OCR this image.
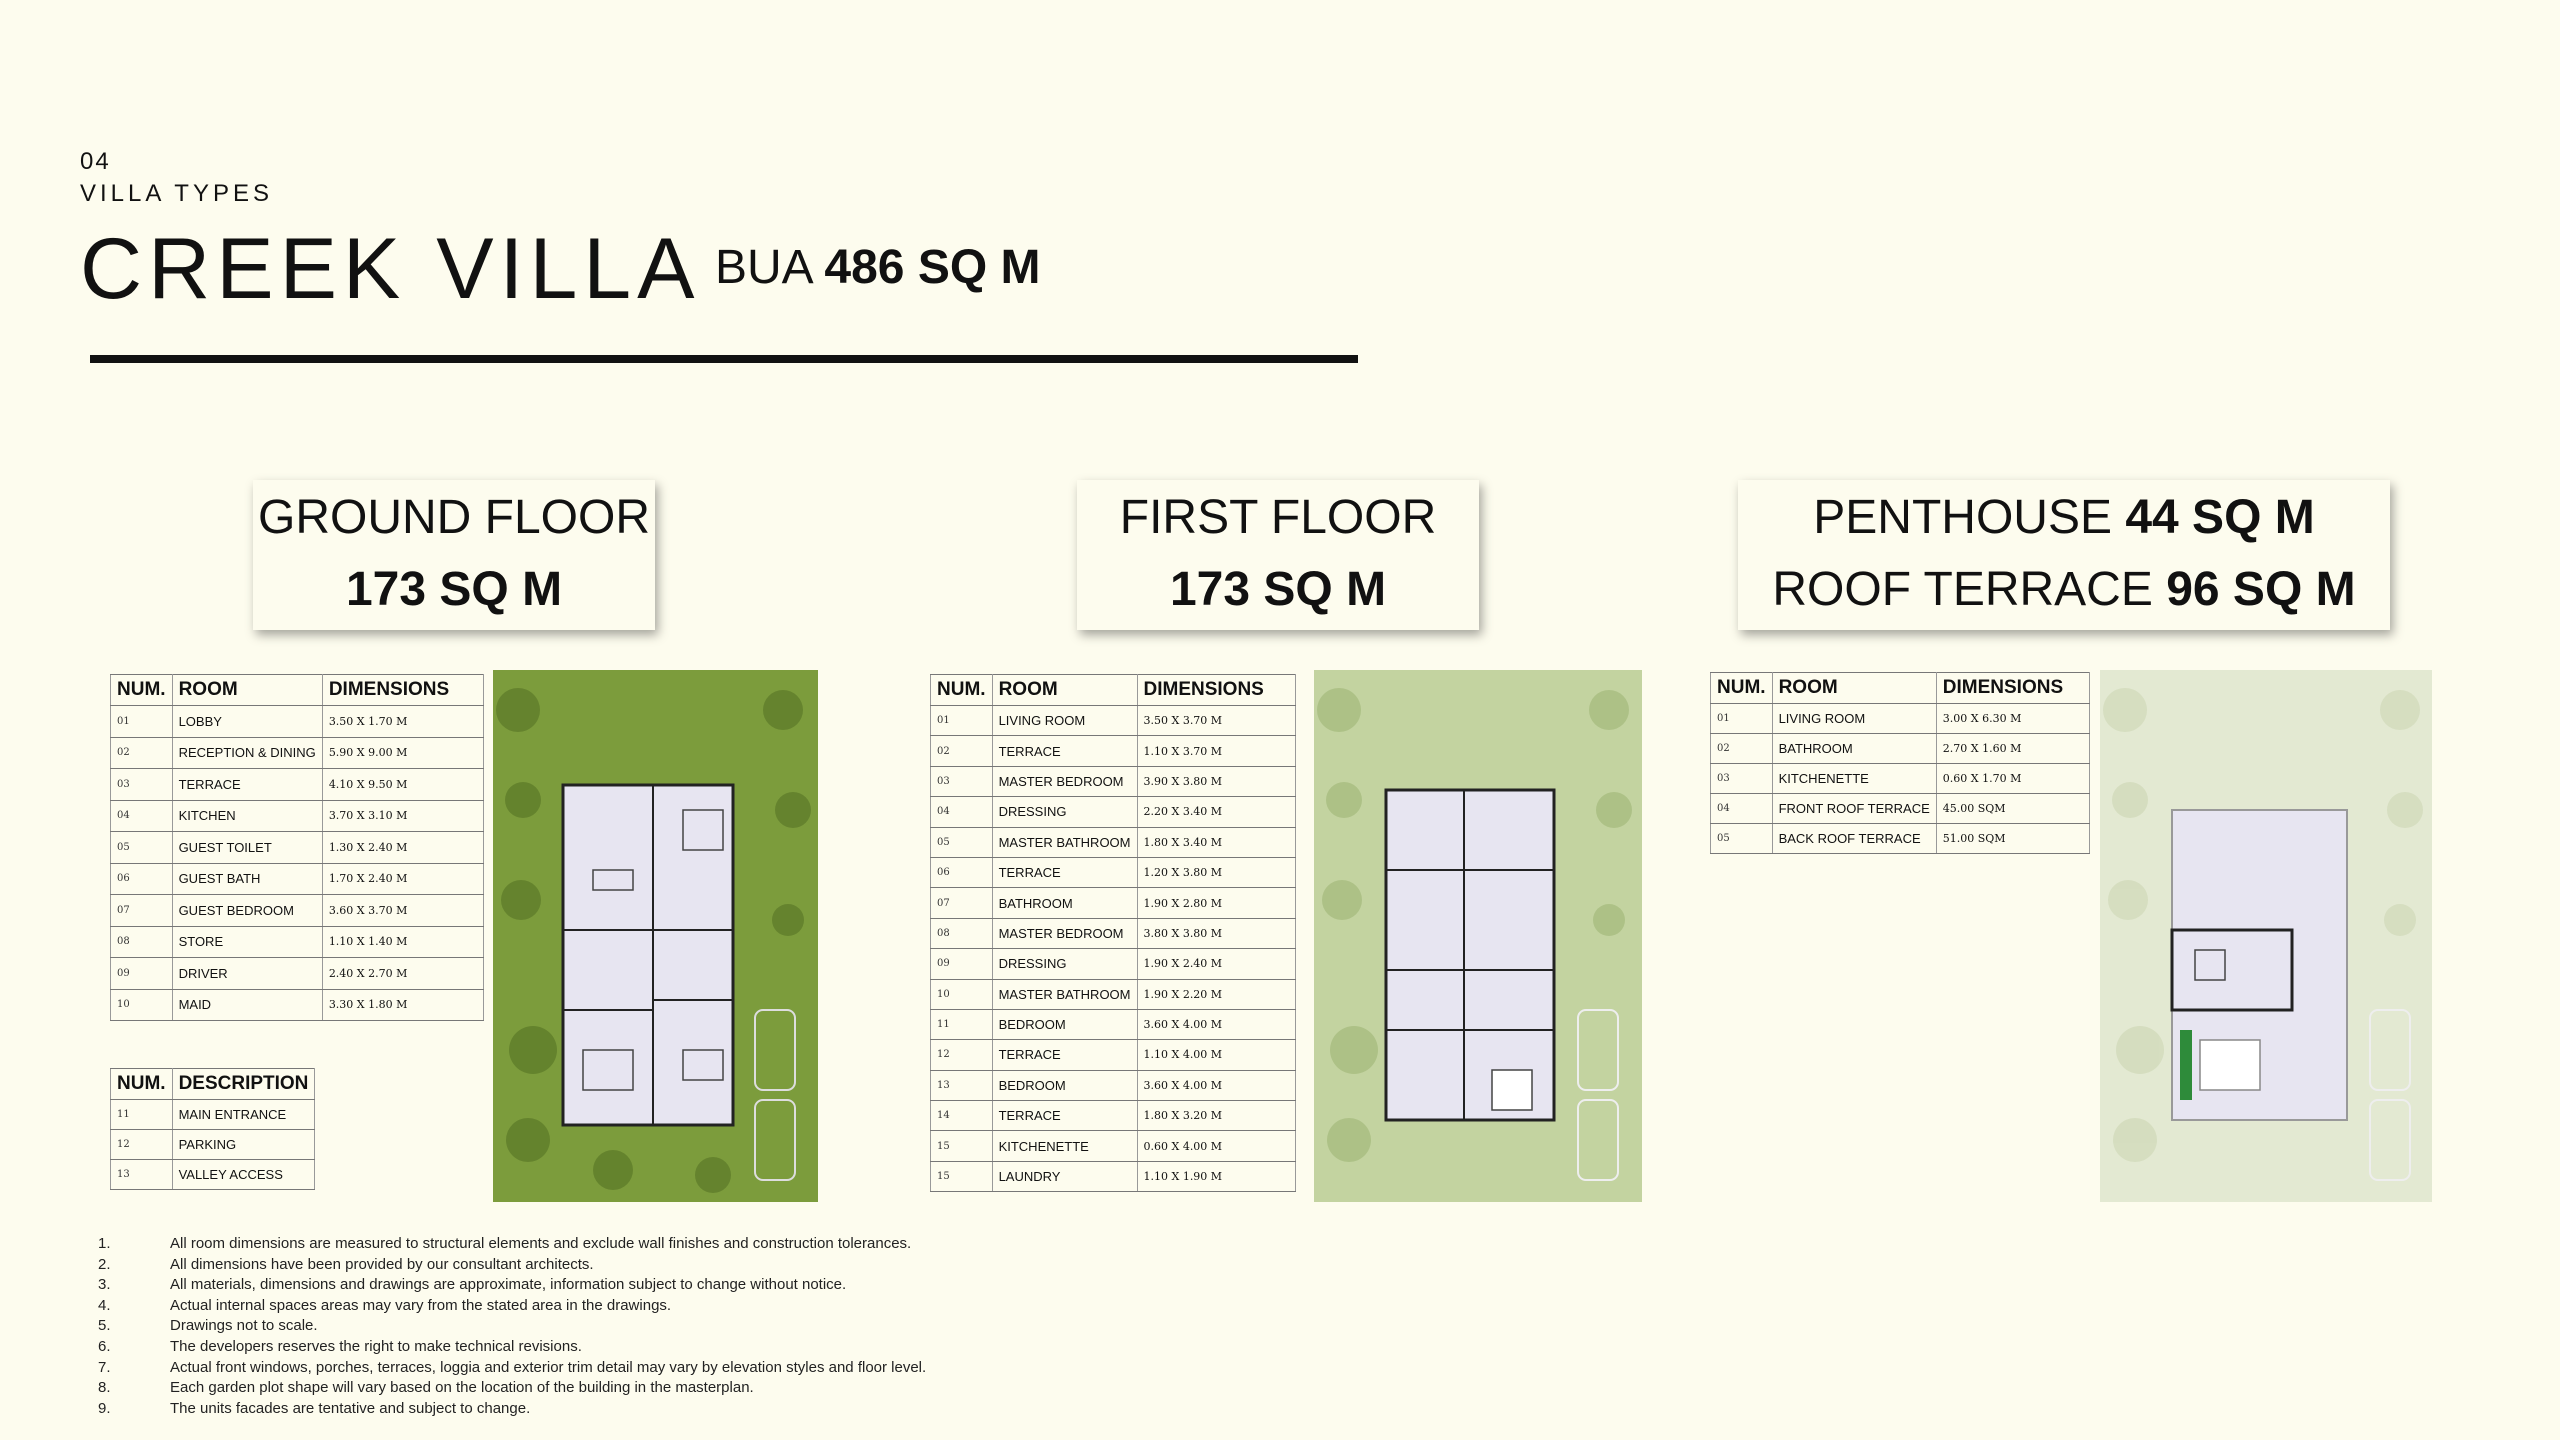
04
VILLA TYPES
CREEK VILLA BUA 486 SQ M
GROUND FLOOR
173 SQ M
FIRST FLOOR
173 SQ M
PENTHOUSE 44 SQ M
ROOF TERRACE 96 SQ M
NUM.	ROOM	DIMENSIONS
01	LOBBY	3.50 X 1.70 M
02	RECEPTION & DINING	5.90 X 9.00 M
03	TERRACE	4.10 X 9.50 M
04	KITCHEN	3.70 X 3.10 M
05	GUEST TOILET	1.30 X 2.40 M
06	GUEST BATH	1.70 X 2.40 M
07	GUEST BEDROOM	3.60 X 3.70 M
08	STORE	1.10 X 1.40 M
09	DRIVER	2.40 X 2.70 M
10	MAID	3.30 X 1.80 M
NUM.	DESCRIPTION
11	MAIN ENTRANCE
12	PARKING
13	VALLEY ACCESS
NUM.	ROOM	DIMENSIONS
01	LIVING ROOM	3.50 X 3.70 M
02	TERRACE	1.10 X 3.70 M
03	MASTER BEDROOM	3.90 X 3.80 M
04	DRESSING	2.20 X 3.40 M
05	MASTER BATHROOM	1.80 X 3.40 M
06	TERRACE	1.20 X 3.80 M
07	BATHROOM	1.90 X 2.80 M
08	MASTER BEDROOM	3.80 X 3.80 M
09	DRESSING	1.90 X 2.40 M
10	MASTER BATHROOM	1.90 X 2.20 M
11	BEDROOM	3.60 X 4.00 M
12	TERRACE	1.10 X 4.00 M
13	BEDROOM	3.60 X 4.00 M
14	TERRACE	1.80 X 3.20 M
15	KITCHENETTE	0.60 X 4.00 M
15	LAUNDRY	1.10 X 1.90 M
NUM.	ROOM	DIMENSIONS
01	LIVING ROOM	3.00 X 6.30 M
02	BATHROOM	2.70 X 1.60 M
03	KITCHENETTE	0.60 X 1.70 M
04	FRONT ROOF TERRACE	45.00 SQM
05	BACK ROOF TERRACE	51.00 SQM
1.	All room dimensions are measured to structural elements and exclude wall finishes and construction tolerances.
2.	All dimensions have been provided by our consultant architects.
3.	All materials, dimensions and drawings are approximate, information subject to change without notice.
4.	Actual internal spaces areas may vary from the stated area in the drawings.
5.	Drawings not to scale.
6.	The developers reserves the right to make technical revisions.
7.	Actual front windows, porches, terraces, loggia and exterior trim detail may vary by elevation styles and floor level.
8.	Each garden plot shape will vary based on the location of the building in the masterplan.
9.	The units facades are tentative and subject to change.
